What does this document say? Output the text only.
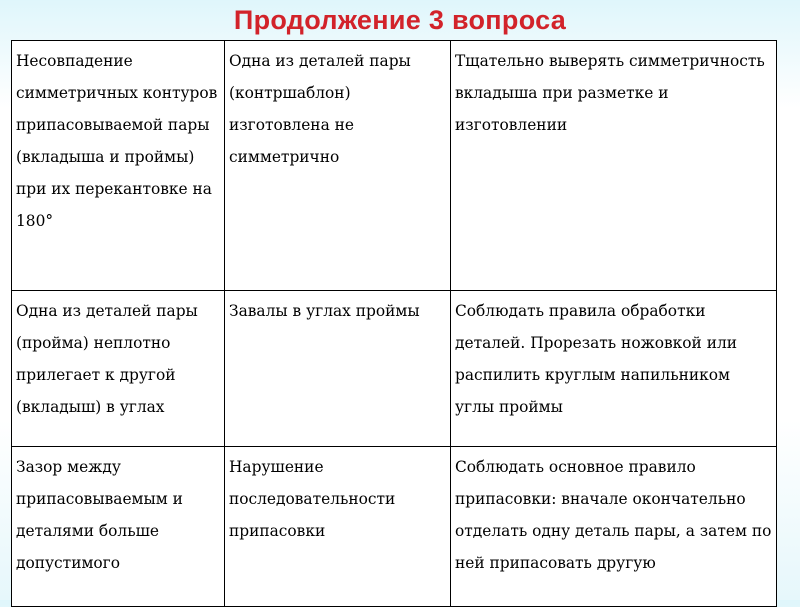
Продолжение 3 вопроса
Несовпадение симметричных контуров припасовываемой пары (вкладыша и проймы) при их перекантовке на 180°	Одна из деталей пары (контршаблон) изготовлена не симметрично	Тщательно выверять симметричность вкладыша при разметке и изготовлении
Одна из деталей пары (пройма) неплотно прилегает к другой (вкладыш) в углах	Завалы в углах проймы	Соблюдать правила обработки деталей. Прорезать ножовкой или распилить круглым напильником углы проймы
Зазор между припасовываемым и деталями больше допустимого	Нарушение последовательности припасовки	Соблюдать основное правило припасовки: вначале окончательно отделать одну деталь пары, а затем по ней припасовать другую
